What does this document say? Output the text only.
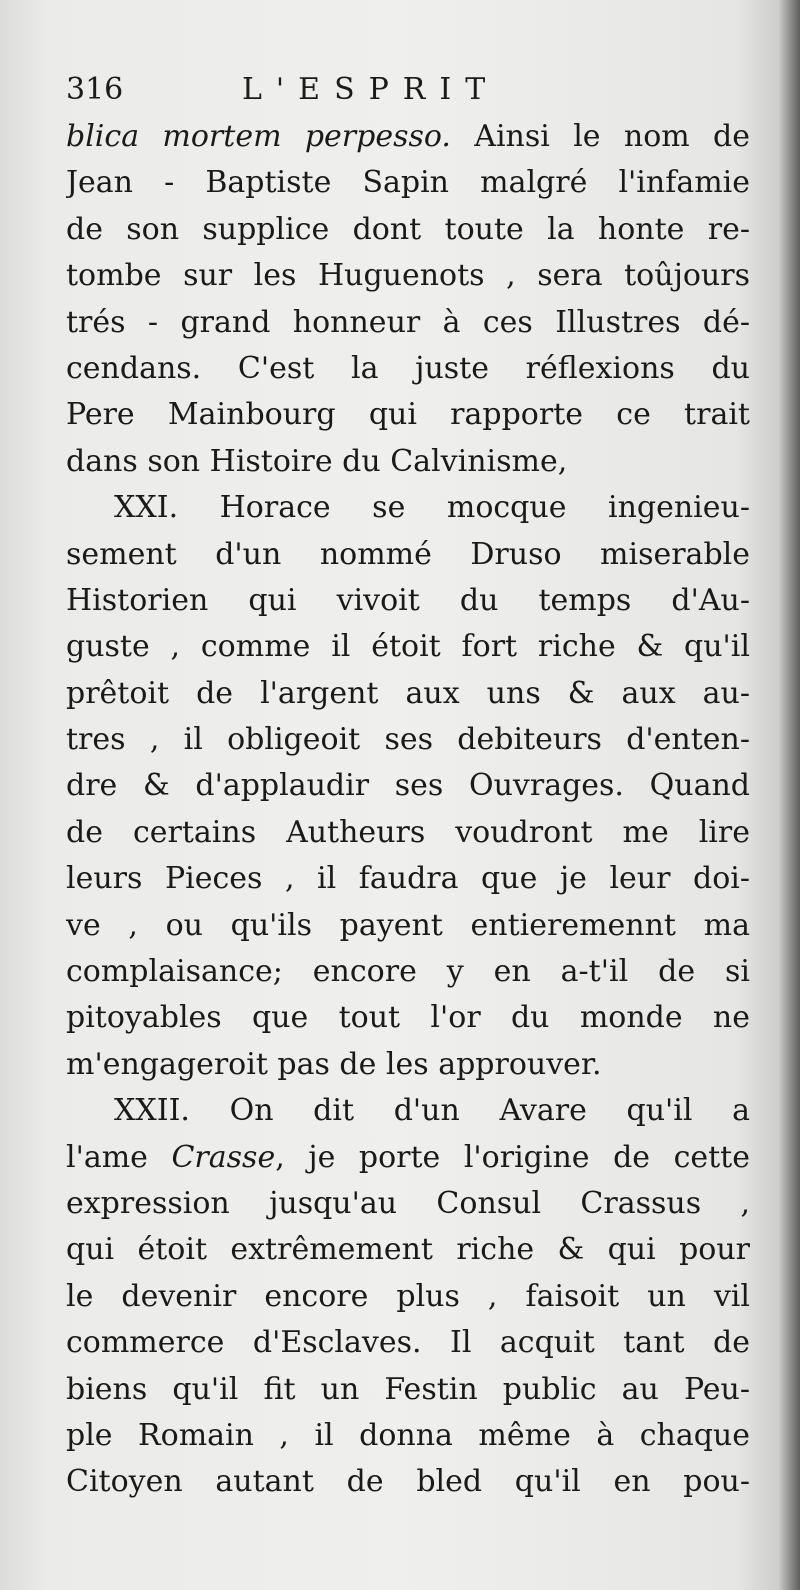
316	L'ESPRIT
blica mortem perpesso. Ainsi le nom de
Jean - Baptiste Sapin malgré l'infamie
de son supplice dont toute la honte re-
tombe sur les Huguenots , sera toûjours
trés - grand honneur à ces Illustres dé-
cendans. C'est la juste réflexions du
Pere Mainbourg qui rapporte ce trait
dans son Histoire du Calvinisme,
XXI. Horace se mocque ingenieu-
sement d'un nommé Druso miserable
Historien qui vivoit du temps d'Au-
guste , comme il étoit fort riche & qu'il
prêtoit de l'argent aux uns & aux au-
tres , il obligeoit ses debiteurs d'enten-
dre & d'applaudir ses Ouvrages. Quand
de certains Autheurs voudront me lire
leurs Pieces , il faudra que je leur doi-
ve , ou qu'ils payent entieremennt ma
complaisance; encore y en a-t'il de si
pitoyables que tout l'or du monde ne
m'engageroit pas de les approuver.
XXII. On dit d'un Avare qu'il a
l'ame Crasse, je porte l'origine de cette
expression jusqu'au Consul Crassus ,
qui étoit extrêmement riche & qui pour
le devenir encore plus , faisoit un vil
commerce d'Esclaves. Il acquit tant de
biens qu'il fit un Festin public au Peu-
ple Romain , il donna même à chaque
Citoyen autant de bled qu'il en pou-
